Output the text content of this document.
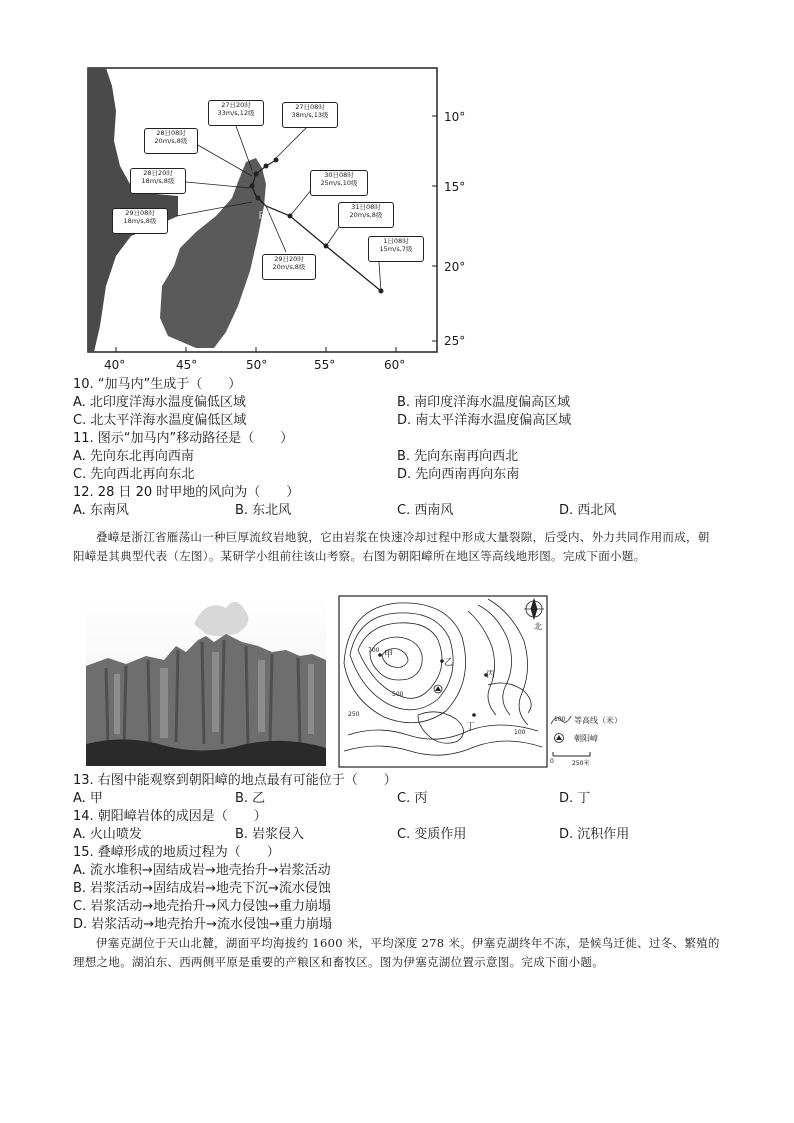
10°
15°
20°
25°
甲
27日20时
33m/s,12级
27日08时
38m/s,13级
28日08时
20m/s,8级
28日20时
18m/s,8级
29日08时
18m/s,8级
29日20时
20m/s,8级
30日08时
25m/s,10级
31日08时
20m/s,8级
1日08时
15m/s,7级
40°	45°	50°	55°	60°
10. “加马内”生成于（　　）
A. 北印度洋海水温度偏低区域	B. 南印度洋海水温度偏高区域
C. 北太平洋海水温度偏低区域	D. 南太平洋海水温度偏高区域
11. 图示“加马内”移动路径是（　　）
A. 先向东北再向西南	B. 先向东南再向西北
C. 先向西北再向东北	D. 先向西南再向东南
12. 28 日 20 时甲地的风向为（　　）
A. 东南风	B. 东北风	C. 西南风	D. 西北风
叠嶂是浙江省雁荡山一种巨厚流纹岩地貌，它由岩浆在快速冷却过程中形成大量裂隙，后受内、外力共同作用而成，朝阳嶂是其典型代表（左图）。某研学小组前往该山考察。右图为朝阳嶂所在地区等高线地形图。完成下面小题。
甲
乙
丙
丁
北
700
500
250
100
100 等高线（米）
朝阳嶂
0	250米
13. 右图中能观察到朝阳嶂的地点最有可能位于（　　）
A. 甲	B. 乙	C. 丙	D. 丁
14. 朝阳嶂岩体的成因是（　　）
A. 火山喷发	B. 岩浆侵入	C. 变质作用	D. 沉积作用
15. 叠嶂形成的地质过程为（　　）
A. 流水堆积→固结成岩→地壳抬升→岩浆活动
B. 岩浆活动→固结成岩→地壳下沉→流水侵蚀
C. 岩浆活动→地壳抬升→风力侵蚀→重力崩塌
D. 岩浆活动→地壳抬升→流水侵蚀→重力崩塌
伊塞克湖位于天山北麓，湖面平均海拔约 1600 米，平均深度 278 米。伊塞克湖终年不冻，是候鸟迁徙、过冬、繁殖的理想之地。湖泊东、西两侧平原是重要的产粮区和畜牧区。图为伊塞克湖位置示意图。完成下面小题。
